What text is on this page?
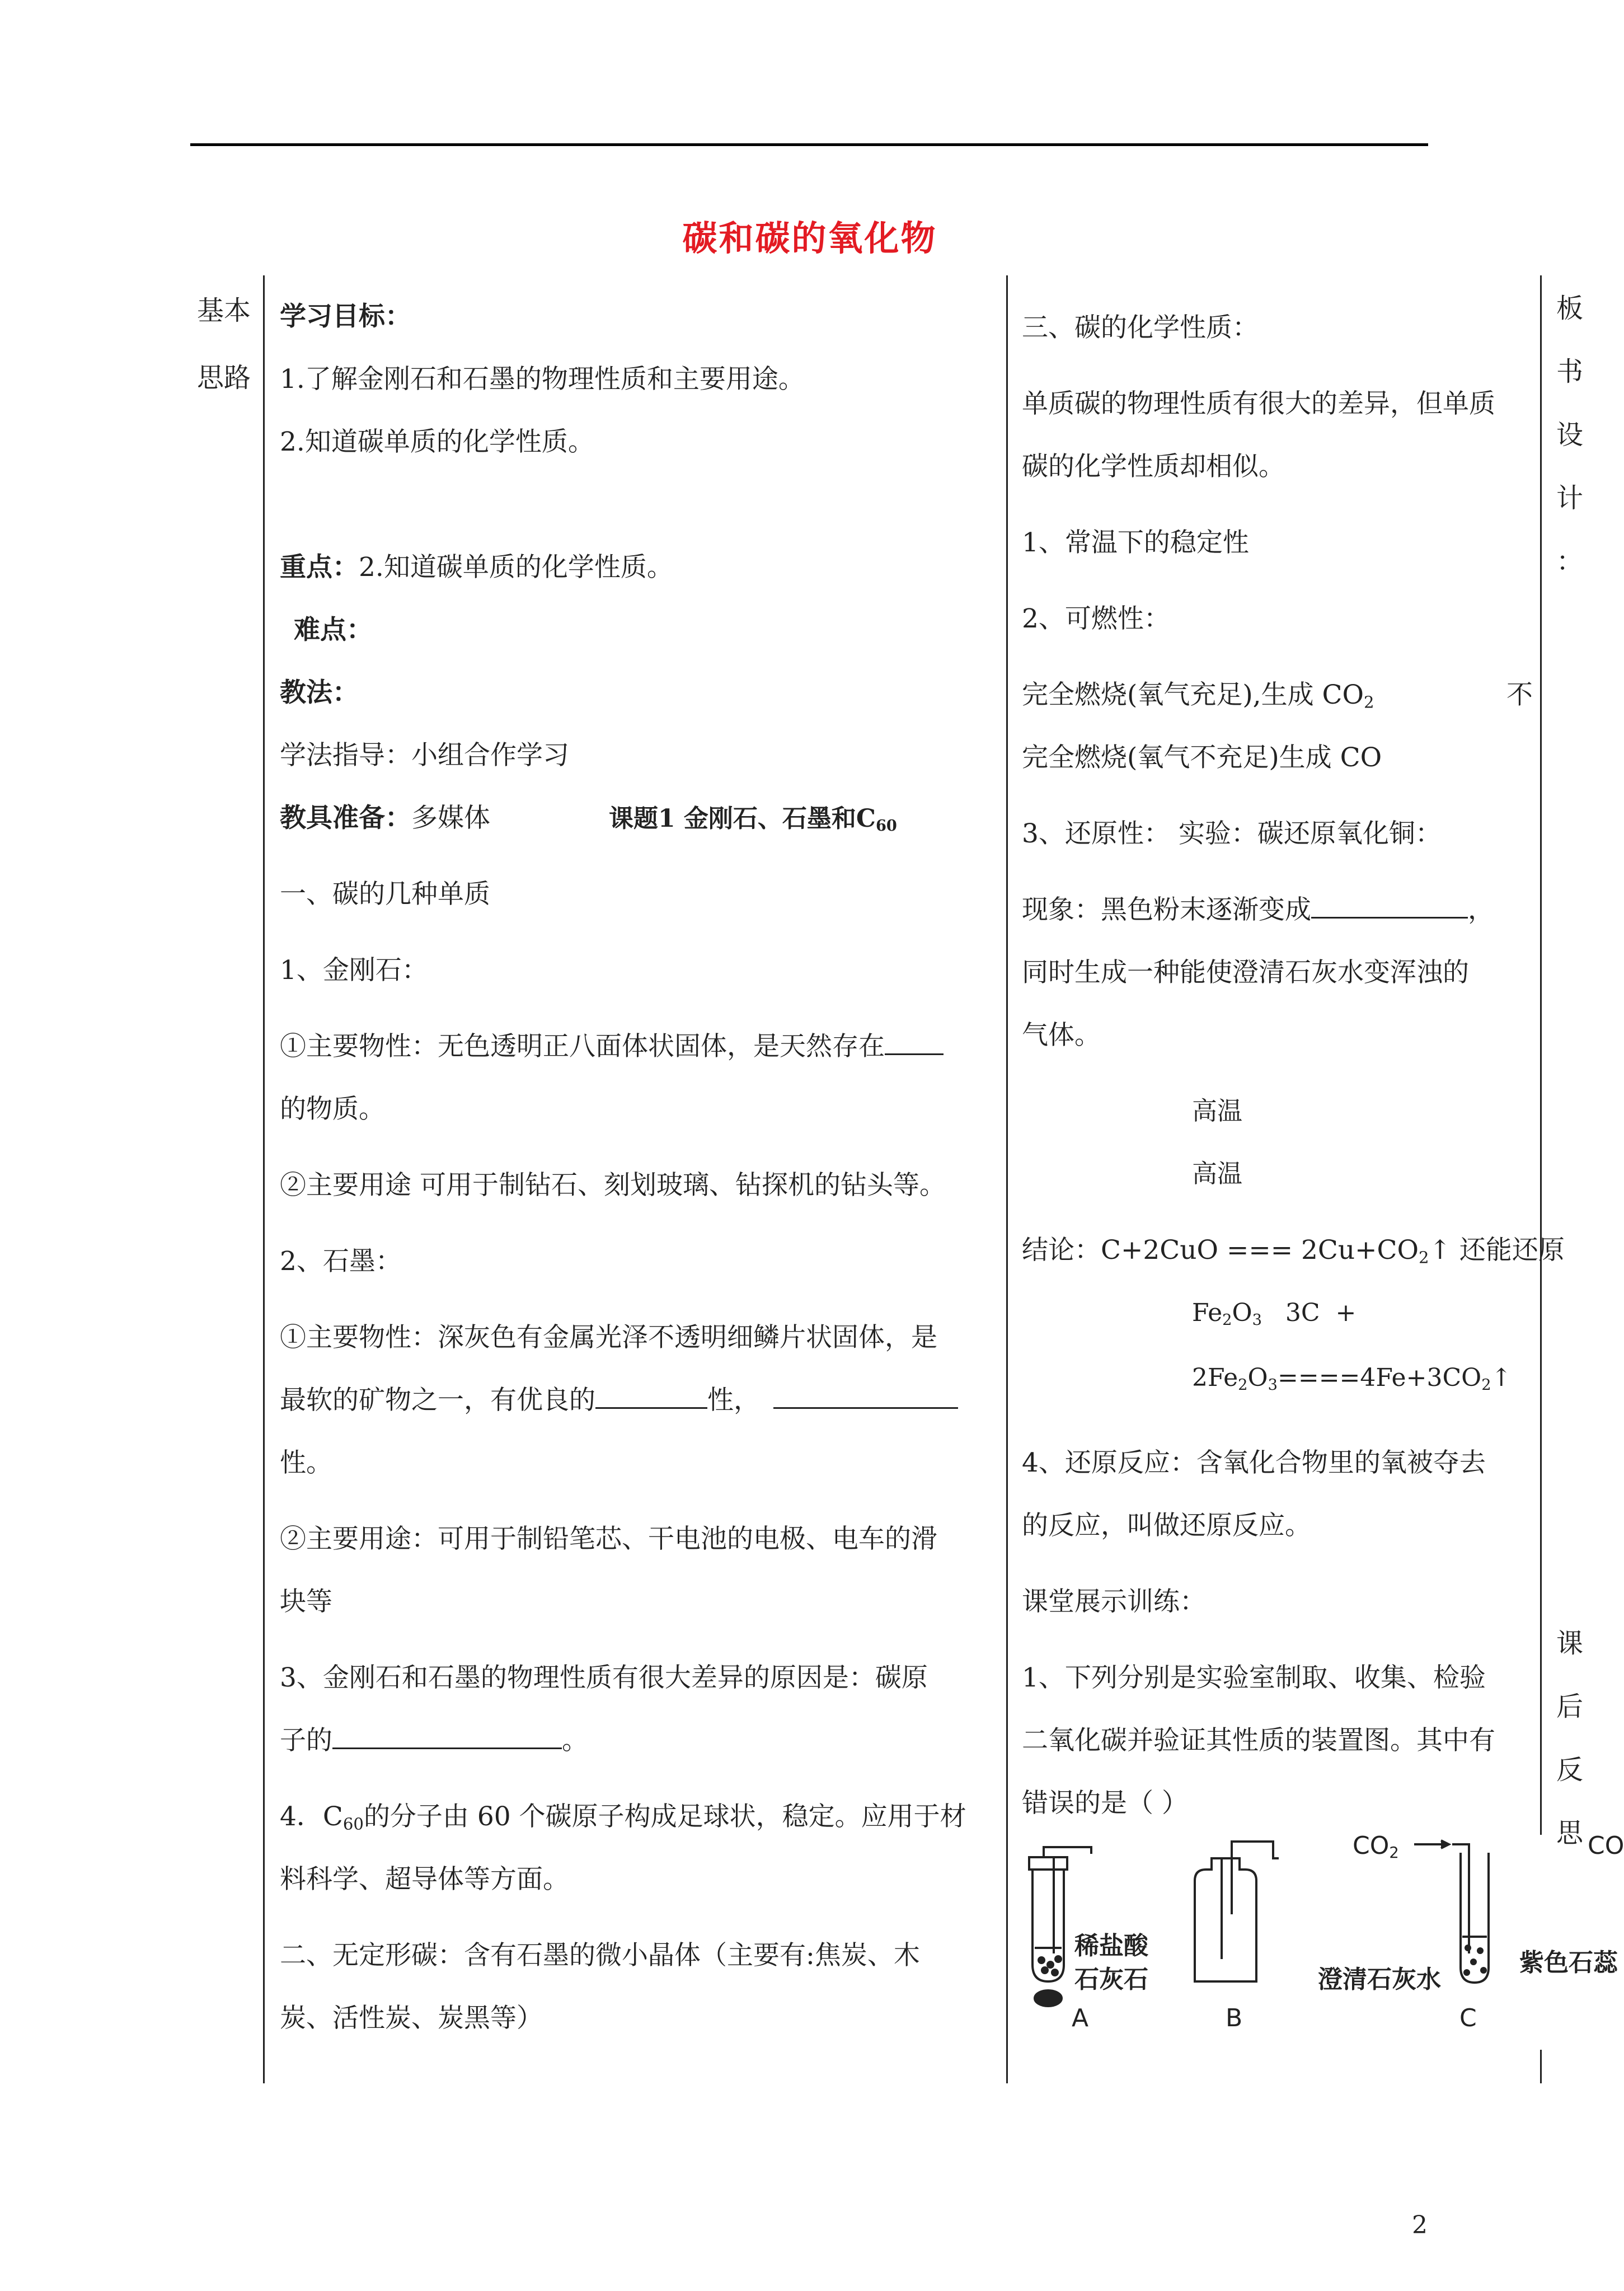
碳和碳的氧化物
基本
思路
板
书
设
计
：
课
后
反
思
学习目标：
1.了解金刚石和石墨的物理性质和主要用途。
2.知道碳单质的化学性质。
重点：2.知道碳单质的化学性质。
难点：
教法：
学法指导：小组合作学习
教具准备：多媒体	课题1 金刚石、石墨和$C_{60}$
一、碳的几种单质
1、金刚石：
①主要物性：无色透明正八面体状固体，是天然存在
的物质。
②主要用途 可用于制钻石、刻划玻璃、钻探机的钻头等。
2、石墨：
①主要物性：深灰色有金属光泽不透明细鳞片状固体，是
最软的矿物之一，有优良的	性，
性。
②主要用途：可用于制铅笔芯、干电池的电极、电车的滑
块等
3、金刚石和石墨的物理性质有很大差异的原因是：碳原
子的	。
4．$C_{60}$的分子由 60 个碳原子构成足球状，稳定。应用于材
料科学、超导体等方面。
二、无定形碳：含有石墨的微小晶体（主要有:焦炭、木
炭、活性炭、炭黑等）
三、碳的化学性质：
单质碳的物理性质有很大的差异，但单质
碳的化学性质却相似。
1、常温下的稳定性
2、可燃性：
完全燃烧(氧气充足),生成 $CO_2$	不
完全燃烧(氧气不充足)生成 CO
3、还原性： 实验：碳还原氧化铜：
现象：黑色粉末逐渐变成	，
同时生成一种能使澄清石灰水变浑浊的
气体。
高温
高温
结论：C+2CuO === $2Cu+CO_2↑$ 还能还原
$Fe_2O_3$   3C  +
$2Fe_2O_3====4Fe+3CO_2↑$
4、还原反应：含氧化合物里的氧被夺去
的反应，叫做还原反应。
课堂展示训练：
1、下列分别是实验室制取、收集、检验
二氧化碳并验证其性质的装置图。其中有
错误的是（ ）
稀盐酸
石灰石
A	B
$CO_2$
澄清石灰水
C
CO
紫色石蕊
2
